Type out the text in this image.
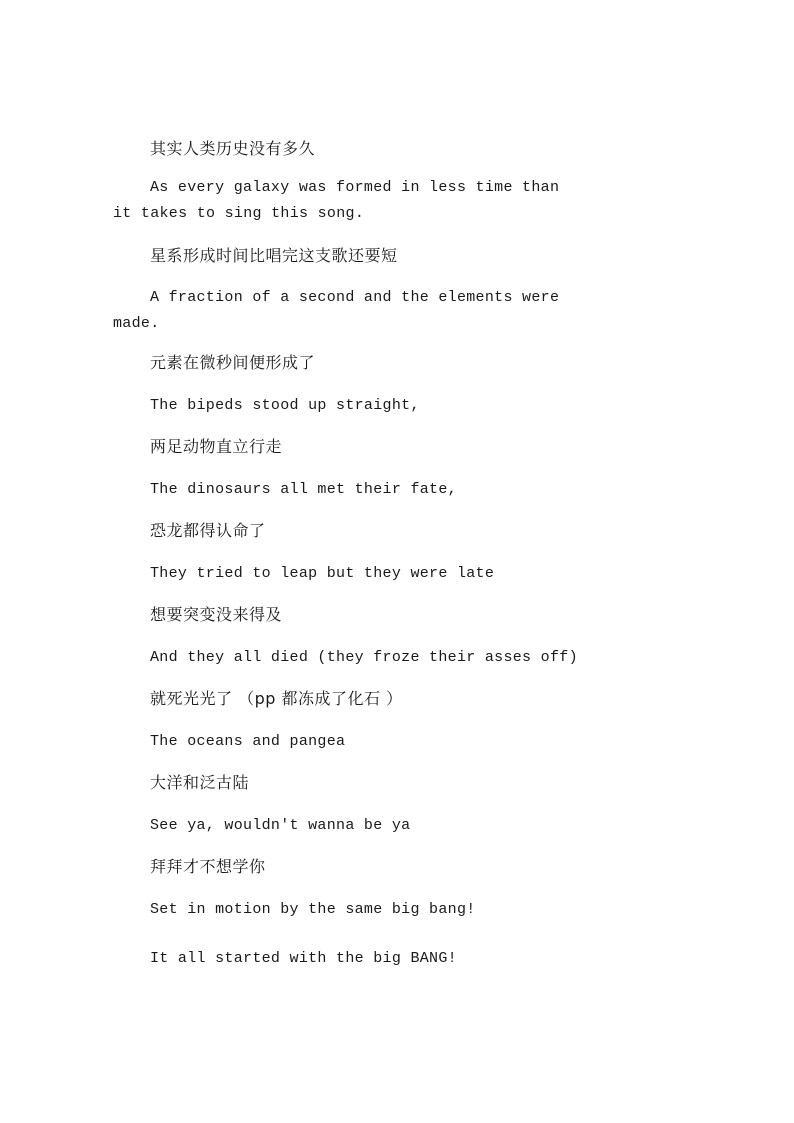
其实人类历史没有多久

As every galaxy was formed in less time than it takes to sing this song.

星系形成时间比唱完这支歌还要短

A fraction of a second and the elements were made.

元素在微秒间便形成了

The bipeds stood up straight,

两足动物直立行走

The dinosaurs all met their fate,

恐龙都得认命了

They tried to leap but they were late

想要突变没来得及

And they all died (they froze their asses off)

就死光光了 （pp 都冻成了化石 ）

The oceans and pangea

大洋和泛古陆

See ya, wouldn't wanna be ya

拜拜才不想学你

Set in motion by the same big bang!

It all started with the big BANG!
